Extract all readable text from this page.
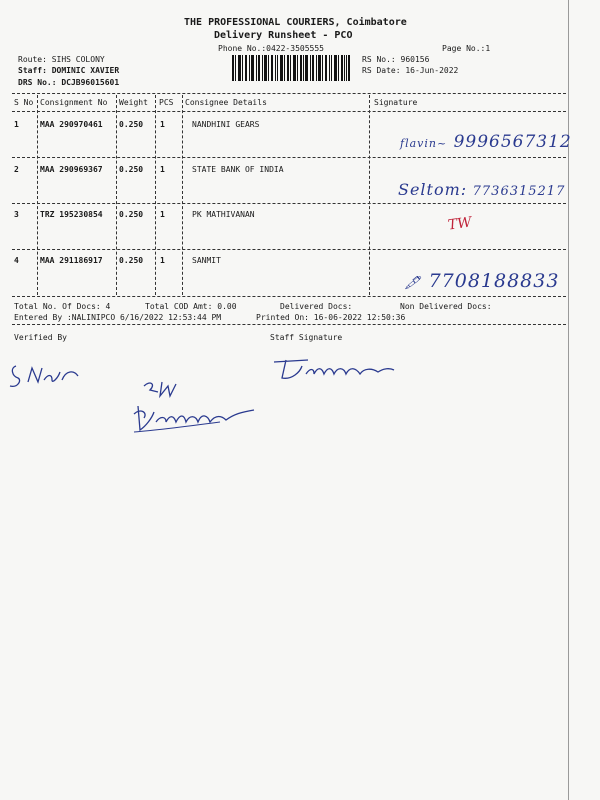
THE PROFESSIONAL COURIERS, Coimbatore
Delivery Runsheet - PCO
Phone No.:0422-3505555	Page No.:1
Route: SIHS COLONY
Staff: DOMINIC XAVIER
DRS No.: DCJB96015601
RS No.: 960156
RS Date: 16-Jun-2022
S No Consignment No Weight PCS Consignee Details	Signature
1	MAA 290970461 0.250 1	NANDHINI GEARS
flavin~ 9996567312
2	MAA 290969367 0.250 1	STATE BANK OF INDIA
Seltom: 7736315217
3	TRZ 195230854 0.250 1	PK MATHIVANAN	TW
4	MAA 291186917 0.250 1	SANMIT
🖋 7708188833
Total No. Of Docs: 4	Total COD Amt: 0.00	Delivered Docs:	Non Delivered Docs:
Entered By :NALINIPCO 6/16/2022 12:53:44 PM	Printed On: 16-06-2022 12:50:36
Verified By	Staff Signature
